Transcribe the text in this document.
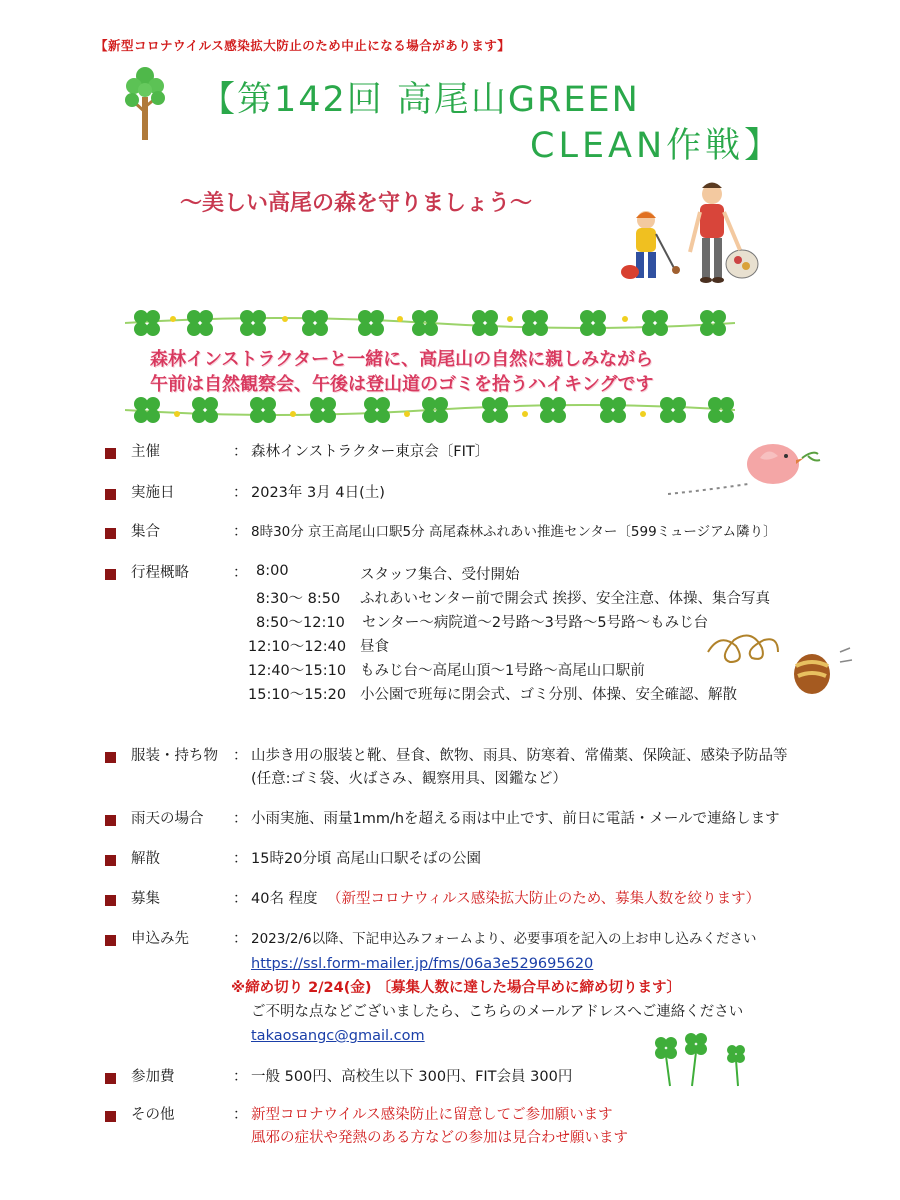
【新型コロナウイルス感染拡大防止のため中止になる場合があります】
【第142回 高尾山GREEN
CLEAN作戦】
～美しい高尾の森を守りましょう～
森林インストラクターと一緒に、高尾山の自然に親しみながら
午前は自然観察会、午後は登山道のゴミを拾うハイキングです
主催	： 森林インストラクター東京会〔FIT〕
実施日	： 2023年 3月 4日(土)
集合	： 8時30分 京王高尾山口駅5分 高尾森林ふれあい推進センター〔599ミュージアム隣り〕
行程概略	： 8:00	スタッフ集合、受付開始
8:30～ 8:50 ふれあいセンター前で開会式 挨拶、安全注意、体操、集合写真
8:50～12:10 センター～病院道～2号路～3号路～5号路～もみじ台
12:10～12:40 昼食
12:40～15:10 もみじ台～高尾山頂～1号路～高尾山口駅前
15:10～15:20 小公園で班毎に閉会式、ゴミ分別、体操、安全確認、解散
服装・持ち物 ： 山歩き用の服装と靴、昼食、飲物、雨具、防寒着、常備薬、保険証、感染予防品等
(任意:ゴミ袋、火ばさみ、観察用具、図鑑など）
雨天の場合 ： 小雨実施、雨量1mm/hを超える雨は中止です、前日に電話・メールで連絡します
解散	： 15時20分頃 高尾山口駅そばの公園
募集	： 40名 程度 （新型コロナウィルス感染拡大防止のため、募集人数を絞ります）
申込み先	： 2023/2/6以降、下記申込みフォームより、必要事項を記入の上お申し込みください
https://ssl.form-mailer.jp/fms/06a3e529695620
※締め切り 2/24(金) 〔募集人数に達した場合早めに締め切ります〕
ご不明な点などございましたら、こちらのメールアドレスへご連絡ください
takaosangc@gmail.com
参加費	： 一般 500円、高校生以下 300円、FIT会員 300円
その他	： 新型コロナウイルス感染防止に留意してご参加願います
風邪の症状や発熱のある方などの参加は見合わせ願います
